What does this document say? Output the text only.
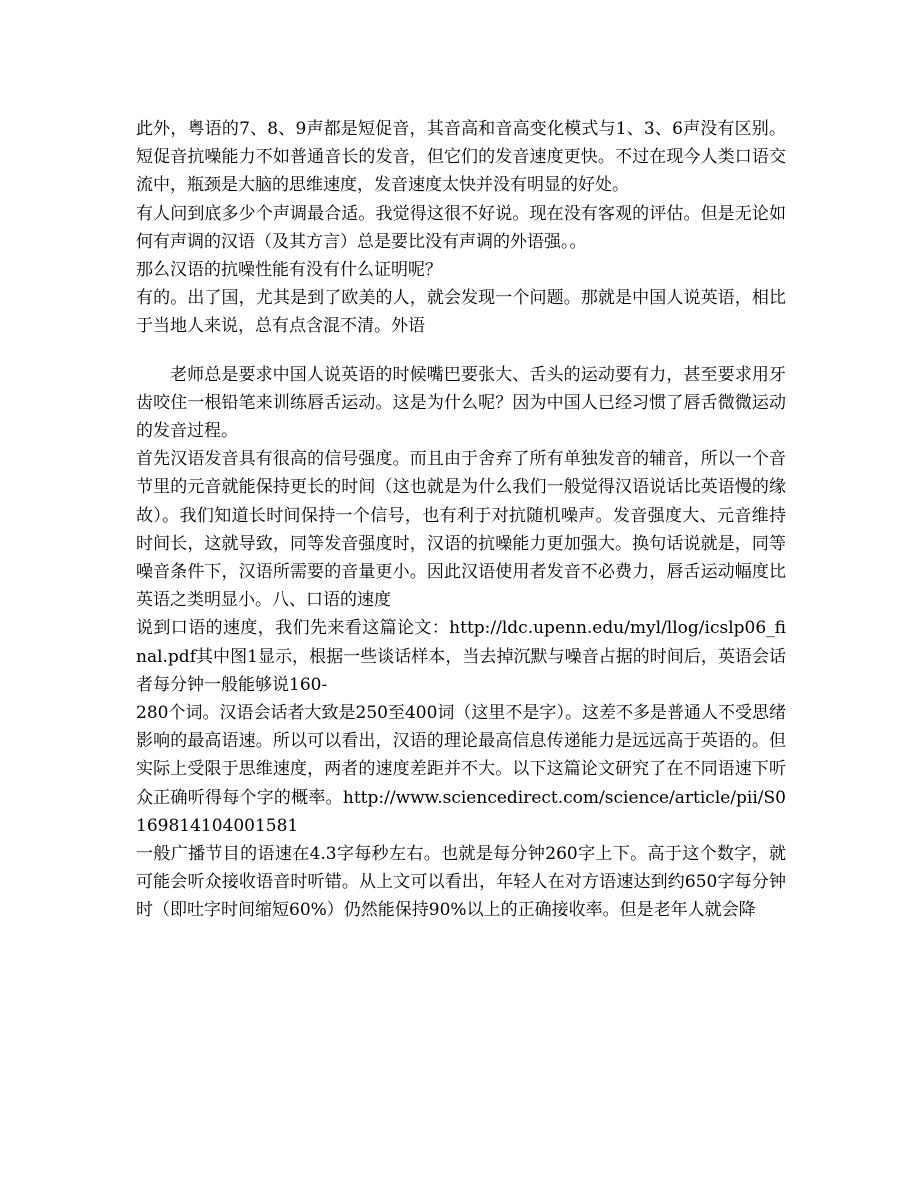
此外，粤语的7、8、9声都是短促音，其音高和音高变化模式与1、3、6声没有区别。短促音抗噪能力不如普通音长的发音，但它们的发音速度更快。不过在现今人类口语交流中，瓶颈是大脑的思维速度，发音速度太快并没有明显的好处。

有人问到底多少个声调最合适。我觉得这很不好说。现在没有客观的评估。但是无论如何有声调的汉语（及其方言）总是要比没有声调的外语强。。

那么汉语的抗噪性能有没有什么证明呢？

有的。出了国，尤其是到了欧美的人，就会发现一个问题。那就是中国人说英语，相比于当地人来说，总有点含混不清。外语

老师总是要求中国人说英语的时候嘴巴要张大、舌头的运动要有力，甚至要求用牙齿咬住一根铅笔来训练唇舌运动。这是为什么呢？因为中国人已经习惯了唇舌微微运动的发音过程。

首先汉语发音具有很高的信号强度。而且由于舍弃了所有单独发音的辅音，所以一个音节里的元音就能保持更长的时间（这也就是为什么我们一般觉得汉语说话比英语慢的缘故）。我们知道长时间保持一个信号，也有利于对抗随机噪声。发音强度大、元音维持时间长，这就导致，同等发音强度时，汉语的抗噪能力更加强大。换句话说就是，同等噪音条件下，汉语所需要的音量更小。因此汉语使用者发音不必费力，唇舌运动幅度比英语之类明显小。八、口语的速度

说到口语的速度，我们先来看这篇论文：http://ldc.upenn.edu/myl/llog/icslp06_final.pdf其中图1显示，根据一些谈话样本，当去掉沉默与噪音占据的时间后，英语会话者每分钟一般能够说160-

280个词。汉语会话者大致是250至400词（这里不是字）。这差不多是普通人不受思绪影响的最高语速。所以可以看出，汉语的理论最高信息传递能力是远远高于英语的。但实际上受限于思维速度，两者的速度差距并不大。以下这篇论文研究了在不同语速下听众正确听得每个字的概率。http://www.sciencedirect.com/science/article/pii/S0169814104001581

一般广播节目的语速在4.3字每秒左右。也就是每分钟260字上下。高于这个数字，就可能会听众接收语音时听错。从上文可以看出，年轻人在对方语速达到约650字每分钟时（即吐字时间缩短60%）仍然能保持90%以上的正确接收率。但是老年人就会降
